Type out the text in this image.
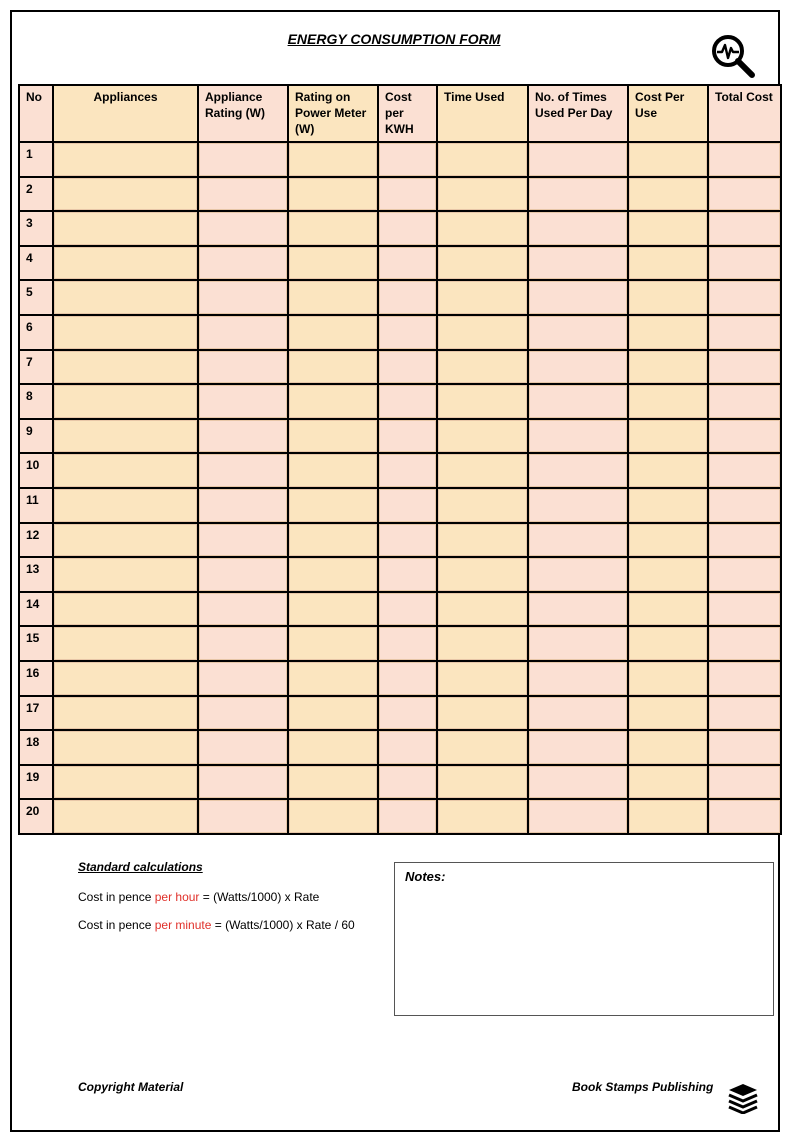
ENERGY CONSUMPTION FORM
No	Appliances	Appliance Rating (W)	Rating on Power Meter (W)	Cost per KWH	Time Used	No. of Times Used Per Day	Cost Per Use	Total Cost
1								
2								
3								
4								
5								
6								
7								
8								
9								
10								
11								
12								
13								
14								
15								
16								
17								
18								
19								
20								
Standard calculations
Cost in pence per hour = (Watts/1000) x Rate
Cost in pence per minute = (Watts/1000) x Rate / 60
Notes:
Copyright Material	Book Stamps Publishing
